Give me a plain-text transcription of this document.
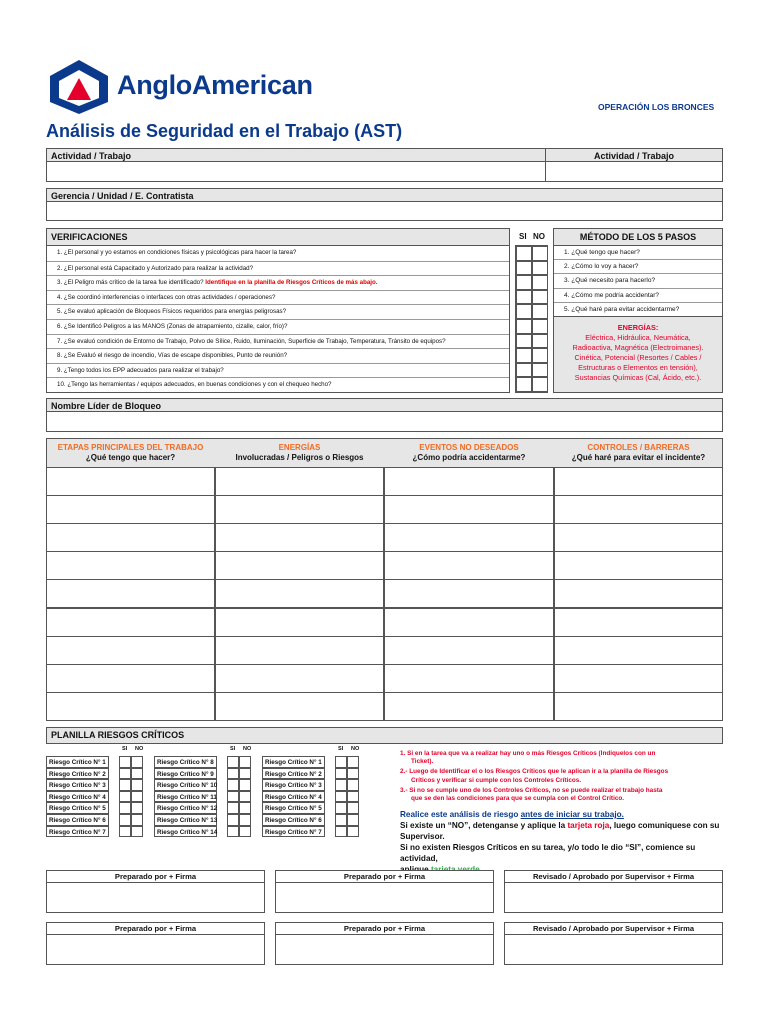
AngloAmerican
OPERACIÓN LOS BRONCES
Análisis de Seguridad en el Trabajo (AST)
Actividad / Trabajo	Actividad / Trabajo
Gerencia / Unidad / E. Contratista
VERIFICACIONES
1. ¿El personal y yo estamos en condiciones físicas y psicológicas para hacer la tarea?
2. ¿El personal está Capacitado y Autorizado para realizar la actividad?
3. ¿El Peligro más crítico de la tarea fue identificado? Identifique en la planilla de Riesgos Críticos de más abajo.
4. ¿Se coordinó interferencias o interfaces con otras actividades / operaciones?
5. ¿Se evaluó aplicación de Bloqueos Físicos requeridos para energías peligrosas?
6. ¿Se Identificó Peligros a las MANOS (Zonas de atrapamiento, cizalle, calor, frío)?
7. ¿Se evaluó condición de Entorno de Trabajo, Polvo de Sílice, Ruido, Iluminación, Superficie de Trabajo, Temperatura, Tránsito de equipos?
8. ¿Se Evaluó el riesgo de incendio, Vías de escape disponibles, Punto de reunión?
9. ¿Tengo todos los EPP adecuados para realizar el trabajo?
10. ¿Tengo las herramientas / equipos adecuados, en buenas condiciones y con el chequeo hecho?
SI NO	MÉTODO DE LOS 5 PASOS
1. ¿Qué tengo que hacer?
2. ¿Cómo lo voy a hacer?
3. ¿Qué necesito para hacerlo?
4. ¿Cómo me podría accidentar?
5. ¿Qué haré para evitar accidentarme?
ENERGÍAS:
Eléctrica, Hidráulica, Neumática,
Radioactiva, Magnética (Electroimanes).
Cinética, Potencial (Resortes / Cables /
Estructuras o Elementos en tensión),
Sustancias Químicas (Cal, Ácido, etc.).
Nombre Líder de Bloqueo
ETAPAS PRINCIPALES DEL TRABAJO
¿Qué tengo que hacer?
ENERGÍAS
Involucradas / Peligros o Riesgos
EVENTOS NO DESEADOS
¿Cómo podría accidentarme?
CONTROLES / BARRERAS
¿Qué haré para evitar el incidente?
PLANILLA RIESGOS CRÍTICOS
SI NO
Riesgo Crítico N° 1
Riesgo Crítico N° 2
Riesgo Crítico N° 3
Riesgo Crítico N° 4
Riesgo Crítico N° 5
Riesgo Crítico N° 6
Riesgo Crítico N° 7
SI NO
Riesgo Crítico N° 8
Riesgo Crítico N° 9
Riesgo Crítico N° 10
Riesgo Crítico N° 11
Riesgo Crítico N° 12
Riesgo Crítico N° 13
Riesgo Crítico N° 14
SI NO
Riesgo Crítico N° 1
Riesgo Crítico N° 2
Riesgo Crítico N° 3
Riesgo Crítico N° 4
Riesgo Crítico N° 5
Riesgo Crítico N° 6
Riesgo Crítico N° 7
1. Si en la tarea que va a realizar hay uno o más Riesgos Críticos (Indíquelos con un
Ticket).
2.- Luego de Identificar el o los Riesgos Críticos que le aplican ir a la planilla de Riesgos
Críticos y verificar si cumple con los Controles Críticos.
3.- Si no se cumple uno de los Controles Críticos, no se puede realizar el trabajo hasta
que se den las condiciones para que se cumpla con el Control Crítico.
Realice este análisis de riesgo antes de iniciar su trabajo.
Si existe un “NO”, detenganse y aplique la tarjeta roja, luego comuniquese con su
Supervisor.
Si no existen Riesgos Críticos en su tarea, y/o todo le dio “SI”, comience su actividad,
Preparado por + Firma	Preparado por + Firma	Revisado / Aprobado por Supervisor + Firma
Preparado por + Firma	Preparado por + Firma	Revisado / Aprobado por Supervisor + Firma
